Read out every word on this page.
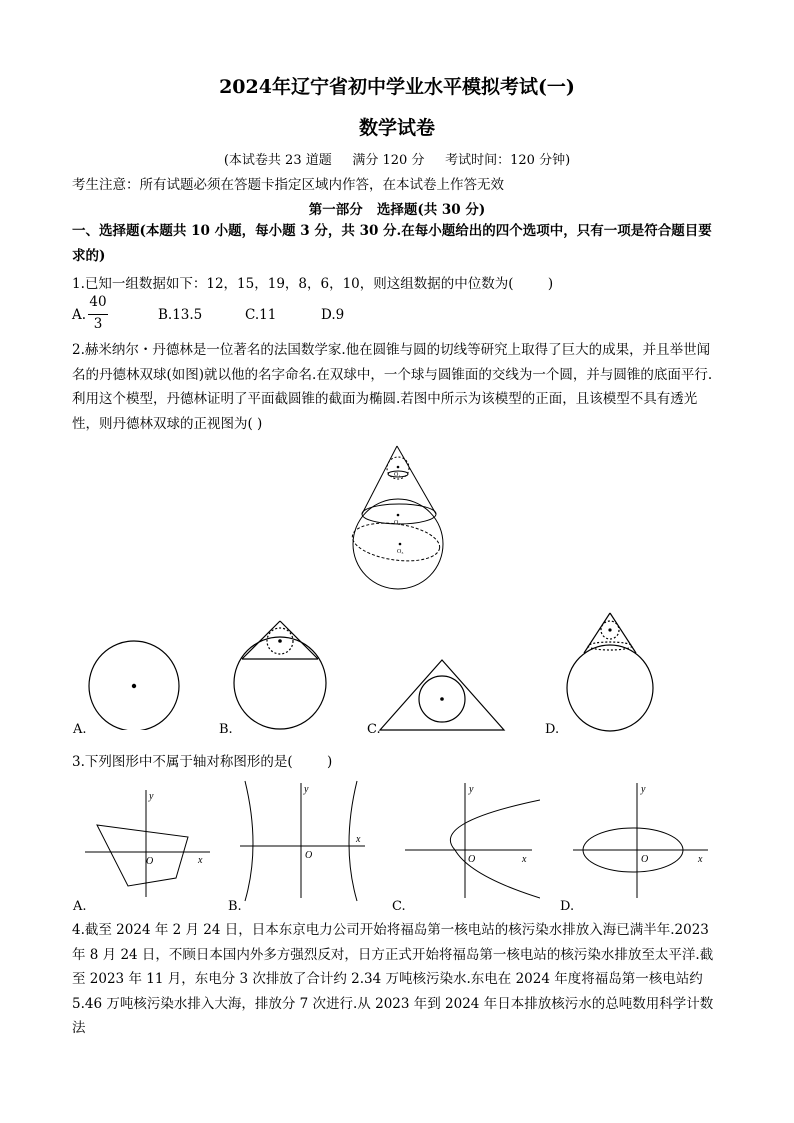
2024年辽宁省初中学业水平模拟考试(一)
数学试卷
(本试卷共 23 道题     满分 120 分     考试时间：120 分钟)
考生注意：所有试题必须在答题卡指定区域内作答，在本试卷上作答无效
第一部分   选择题(共 30 分)
一、选择题(本题共 10 小题，每小题 3 分，共 30 分.在每小题给出的四个选项中，只有一项是符合题目要求的)
1.已知一组数据如下：12，15，19，8，6，10，则这组数据的中位数为(        )
A.
40
3
B.13.5	C.11	D.9
2.赫米纳尔・丹德林是一位著名的法国数学家.他在圆锥与圆的切线等研究上取得了巨大的成果，并且举世闻名的丹德林双球(如图)就以他的名字命名.在双球中，一个球与圆锥面的交线为一个圆，并与圆锥的底面平行.利用这个模型，丹德林证明了平面截圆锥的截面为椭圆.若图中所示为该模型的正面，且该模型不具有透光性，则丹德林双球的正视图为( )
O₁
O₂
O₃
A.	B.	C.	D.
3.下列图形中不属于轴对称图形的是(        )
y
x
O
y
x
O
y
x
O
y
x
O
A.	B.	C.	D.
4.截至 2024 年 2 月 24 日，日本东京电力公司开始将福岛第一核电站的核污染水排放入海已满半年.2023 年 8 月 24 日，不顾日本国内外多方强烈反对，日方正式开始将福岛第一核电站的核污染水排放至太平洋.截至 2023 年 11 月，东电分 3 次排放了合计约 2.34 万吨核污染水.东电在 2024 年度将福岛第一核电站约 5.46 万吨核污染水排入大海，排放分 7 次进行.从 2023 年到 2024 年日本排放核污水的总吨数用科学计数法
